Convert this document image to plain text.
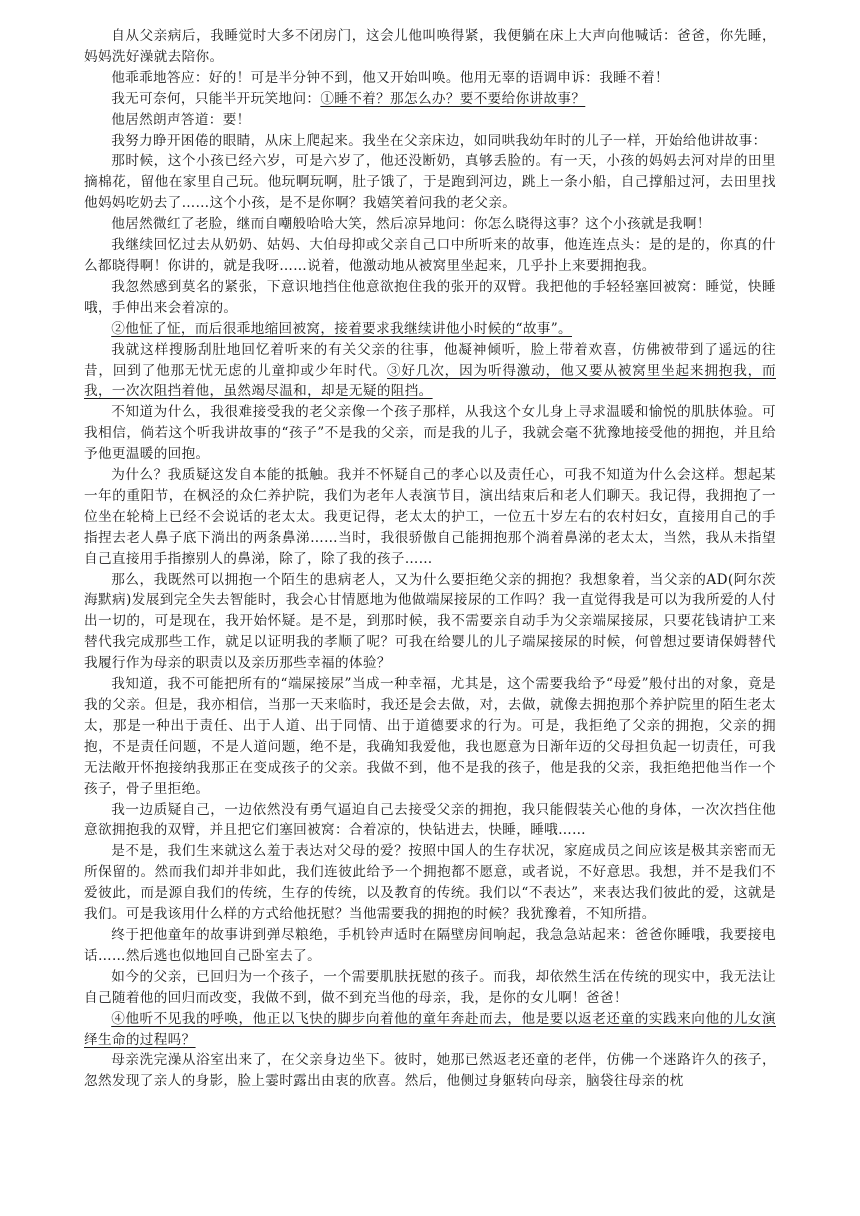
自从父亲病后，我睡觉时大多不闭房门，这会儿他叫唤得紧，我便躺在床上大声向他喊话：爸爸，你先睡，妈妈洗好澡就去陪你。

他乖乖地答应：好的！可是半分钟不到，他又开始叫唤。他用无辜的语调申诉：我睡不着！

我无可奈何，只能半开玩笑地问：①睡不着？那怎么办？要不要给你讲故事？

他居然朗声答道：要！

我努力睁开困倦的眼睛，从床上爬起来。我坐在父亲床边，如同哄我幼年时的儿子一样，开始给他讲故事：

那时候，这个小孩已经六岁，可是六岁了，他还没断奶，真够丢脸的。有一天，小孩的妈妈去河对岸的田里摘棉花，留他在家里自己玩。他玩啊玩啊，肚子饿了，于是跑到河边，跳上一条小船，自己撑船过河，去田里找他妈妈吃奶去了……这个小孩，是不是你啊？我嬉笑着问我的老父亲。

他居然微红了老脸，继而自嘲般哈哈大笑，然后凉异地问：你怎么晓得这事？这个小孩就是我啊！

我继续回忆过去从奶奶、姑妈、大伯母抑或父亲自己口中所听来的故事，他连连点头：是的是的，你真的什么都晓得啊！你讲的，就是我呀……说着，他激动地从被窝里坐起来，几乎扑上来要拥抱我。

我忽然感到莫名的紧张，下意识地挡住他意欲抱住我的张开的双臂。我把他的手轻轻塞回被窝：睡觉，快睡哦，手伸出来会着凉的。

②他怔了怔，而后很乖地缩回被窝，接着要求我继续讲他小时候的“故事”。

我就这样搜肠刮肚地回忆着听来的有关父亲的往事，他凝神倾听，脸上带着欢喜，仿佛被带到了遥远的往昔，回到了他那无忧无虑的儿童抑或少年时代。③好几次，因为听得激动，他又要从被窝里坐起来拥抱我，而我，一次次阻挡着他，虽然竭尽温和，却是无疑的阻挡。

不知道为什么，我很难接受我的老父亲像一个孩子那样，从我这个女儿身上寻求温暖和愉悦的肌肤体验。可我相信，倘若这个听我讲故事的“孩子”不是我的父亲，而是我的儿子，我就会毫不犹豫地接受他的拥抱，并且给予他更温暖的回抱。

为什么？我质疑这发自本能的抵触。我并不怀疑自己的孝心以及责任心，可我不知道为什么会这样。想起某一年的重阳节，在枫泾的众仁养护院，我们为老年人表演节目，演出结束后和老人们聊天。我记得，我拥抱了一位坐在轮椅上已经不会说话的老太太。我更记得，老太太的护工，一位五十岁左右的农村妇女，直接用自己的手指捏去老人鼻子底下淌出的两条鼻涕……当时，我很骄傲自己能拥抱那个淌着鼻涕的老太太，当然，我从未指望自己直接用手指擦别人的鼻涕，除了，除了我的孩子……

那么，我既然可以拥抱一个陌生的患病老人，又为什么要拒绝父亲的拥抱？我想象着，当父亲的AD(阿尔茨海默病)发展到完全失去智能时，我会心甘情愿地为他做端屎接尿的工作吗？我一直觉得我是可以为我所爱的人付出一切的，可是现在，我开始怀疑。是不是，到那时候，我不需要亲自动手为父亲端屎接尿，只要花钱请护工来替代我完成那些工作，就足以证明我的孝顺了呢？可我在给婴儿的儿子端屎接尿的时候，何曾想过要请保姆替代我履行作为母亲的职责以及亲历那些幸福的体验？

我知道，我不可能把所有的“端屎接尿”当成一种幸福，尤其是，这个需要我给予“母爱”般付出的对象，竟是我的父亲。但是，我亦相信，当那一天来临时，我还是会去做，对，去做，就像去拥抱那个养护院里的陌生老太太，那是一种出于责任、出于人道、出于同情、出于道德要求的行为。可是，我拒绝了父亲的拥抱，父亲的拥抱，不是责任问题，不是人道问题，绝不是，我确知我爱他，我也愿意为日渐年迈的父母担负起一切责任，可我无法敞开怀抱接纳我那正在变成孩子的父亲。我做不到，他不是我的孩子，他是我的父亲，我拒绝把他当作一个孩子，骨子里拒绝。

我一边质疑自己，一边依然没有勇气逼迫自己去接受父亲的拥抱，我只能假装关心他的身体，一次次挡住他意欲拥抱我的双臂，并且把它们塞回被窝：合着凉的，快钻进去，快睡，睡哦……

是不是，我们生来就这么羞于表达对父母的爱？按照中国人的生存状况，家庭成员之间应该是极其亲密而无所保留的。然而我们却并非如此，我们连彼此给予一个拥抱都不愿意，或者说，不好意思。我想，并不是我们不爱彼此，而是源自我们的传统，生存的传统，以及教育的传统。我们以“不表达”，来表达我们彼此的爱，这就是我们。可是我该用什么样的方式给他抚慰？当他需要我的拥抱的时候？我犹豫着，不知所措。

终于把他童年的故事讲到弹尽粮绝，手机铃声适时在隔壁房间响起，我急急站起来：爸爸你睡哦，我要接电话……然后逃也似地回自己卧室去了。

如今的父亲，已回归为一个孩子，一个需要肌肤抚慰的孩子。而我，却依然生活在传统的现实中，我无法让自己随着他的回归而改变，我做不到，做不到充当他的母亲，我，是你的女儿啊！爸爸！

④他听不见我的呼唤，他正以飞快的脚步向着他的童年奔赴而去，他是要以返老还童的实践来向他的儿女演绎生命的过程吗？

母亲洗完澡从浴室出来了，在父亲身边坐下。彼时，她那已然返老还童的老伴，仿佛一个迷路许久的孩子，忽然发现了亲人的身影，脸上霎时露出由衷的欣喜。然后，他侧过身躯转向母亲，脑袋往母亲的枕
